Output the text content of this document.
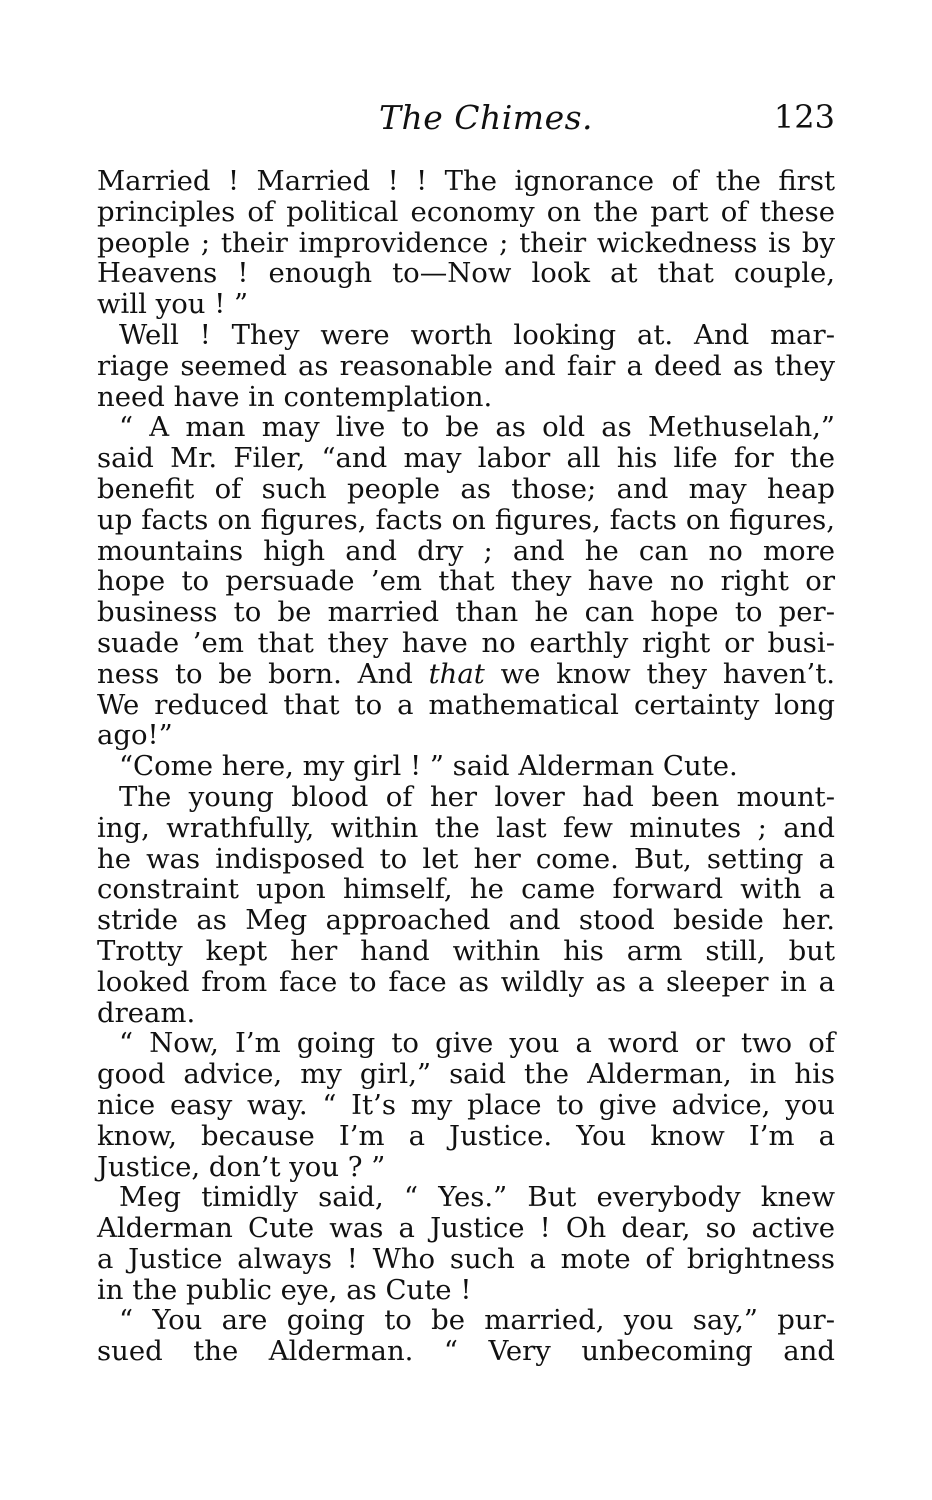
The Chimes.	123
Married ! Married ! ! The ignorance of the first
principles of political economy on the part of these
people ; their improvidence ; their wickedness is by
Heavens ! enough to—Now look at that couple,
will you ! ”
Well ! They were worth looking at. And mar-
riage seemed as reasonable and fair a deed as they
need have in contemplation.
“ A man may live to be as old as Methuselah,”
said Mr. Filer, “and may labor all his life for the
benefit of such people as those; and may heap
up facts on figures, facts on figures, facts on figures,
mountains high and dry ; and he can no more
hope to persuade ’em that they have no right or
business to be married than he can hope to per-
suade ’em that they have no earthly right or busi-
ness to be born. And that we know they haven’t.
We reduced that to a mathematical certainty long
ago!”
“Come here, my girl ! ” said Alderman Cute.
The young blood of her lover had been mount-
ing, wrathfully, within the last few minutes ; and
he was indisposed to let her come. But, setting a
constraint upon himself, he came forward with a
stride as Meg approached and stood beside her.
Trotty kept her hand within his arm still, but
looked from face to face as wildly as a sleeper in a
dream.
“ Now, I’m going to give you a word or two of
good advice, my girl,” said the Alderman, in his
nice easy way. “ It’s my place to give advice, you
know, because I’m a Justice. You know I’m a
Justice, don’t you ? ”
Meg timidly said, “ Yes.” But everybody knew
Alderman Cute was a Justice ! Oh dear, so active
a Justice always ! Who such a mote of brightness
in the public eye, as Cute !
“ You are going to be married, you say,” pur-
sued the Alderman. “ Very unbecoming and
